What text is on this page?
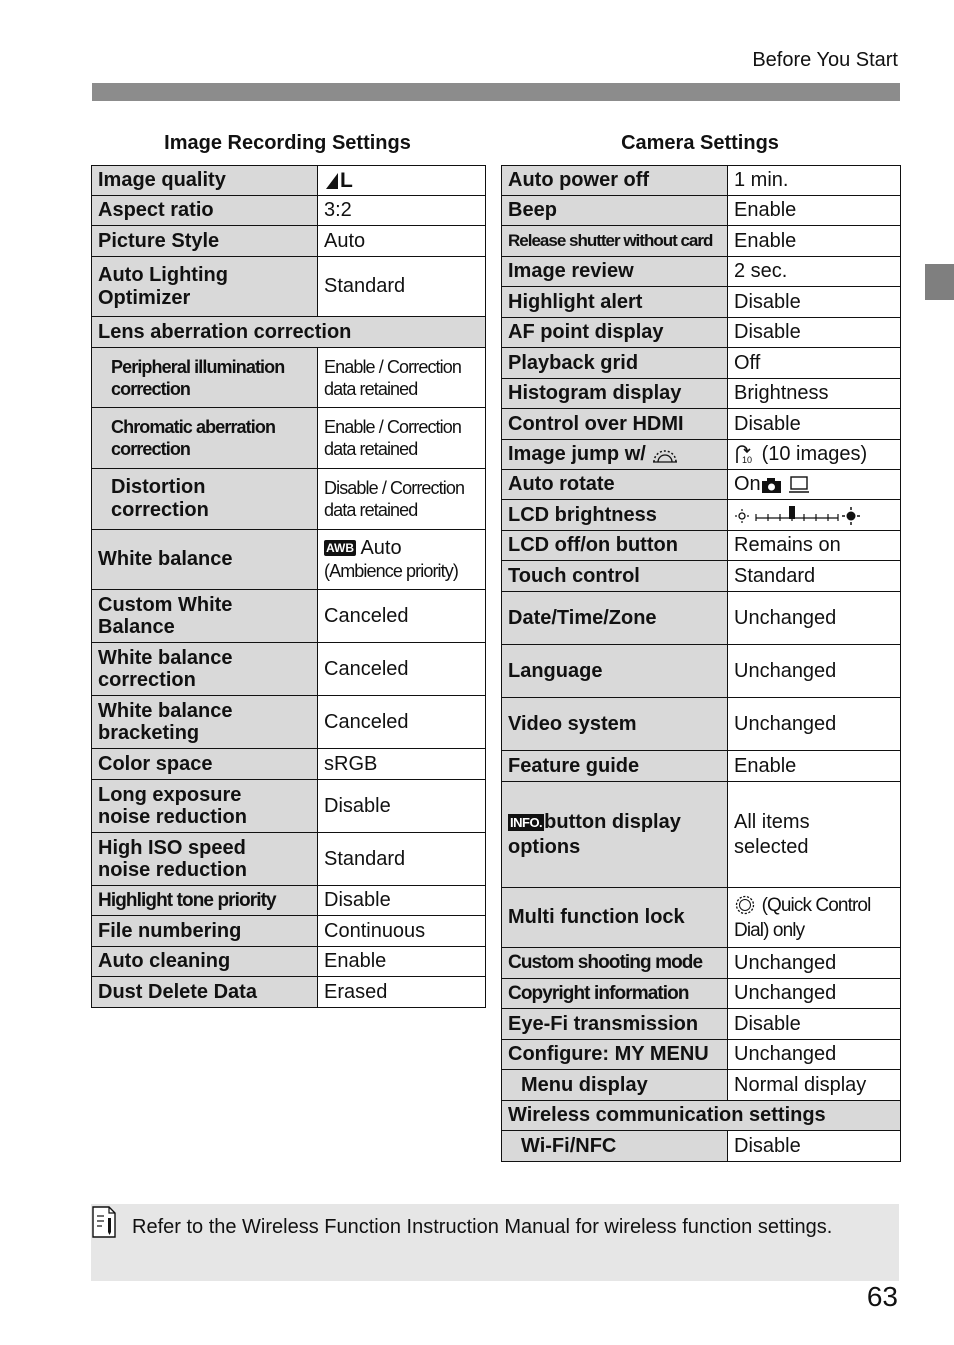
Before You Start
Image Recording Settings	Camera Settings
Image quality	L
Aspect ratio	3:2
Picture Style	Auto
Auto Lighting Optimizer	Standard
Lens aberration correction	
Peripheral illumination correction	Enable / Correction data retained
Chromatic aberration correction	Enable / Correction data retained
Distortion correction	Disable / Correction data retained
White balance	AWB Auto
(Ambience priority)
Custom White Balance	Canceled
White balance correction	Canceled
White balance bracketing	Canceled
Color space	sRGB
Long exposure noise reduction	Disable
High ISO speed noise reduction	Standard
Highlight tone priority	Disable
File numbering	Continuous
Auto cleaning	Enable
Dust Delete Data	Erased
Auto power off	1 min.
Beep	Enable
Release shutter without card	Enable
Image review	2 sec.
Highlight alert	Disable
AF point display	Disable
Playback grid	Off
Histogram display	Brightness
Control over HDMI	Disable
Image jump w/	10 (10 images)
Auto rotate	On
LCD brightness	
LCD off/on button	Remains on
Touch control	Standard
Date/Time/Zone	Unchanged
Language	Unchanged
Video system	Unchanged
Feature guide	Enable
INFO. button display options	All items selected
Multi function lock	(Quick Control Dial) only
Custom shooting mode	Unchanged
Copyright information	Unchanged
Eye-Fi transmission	Disable
Configure: MY MENU	Unchanged
Menu display	Normal display
Wireless communication settings	
Wi-Fi/NFC	Disable
Refer to the Wireless Function Instruction Manual for wireless function settings.
63
